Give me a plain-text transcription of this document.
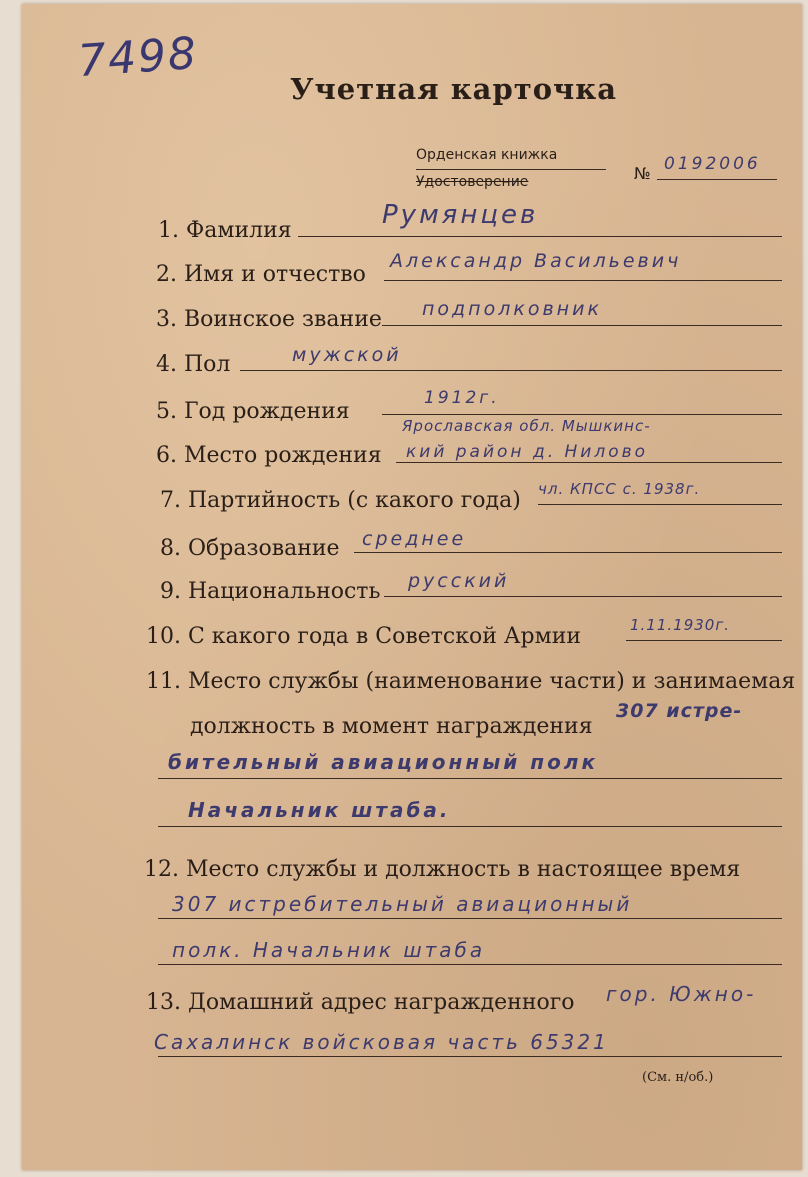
7498
Учетная карточка
Орденская книжка
Удостоверение	№ 0192006
1. Фамилия
Румянцев
2. Имя и отчество
Александр Васильевич
3. Воинское звание подполковник
4. Пол	мужской
5. Год рождения
1912г.
6. Место рождения
Ярославская обл. Мышкинс-
кий район д. Нилово
7. Партийность (с какого года) чл. КПСС с. 1938г.
8. Образование среднее
9. Национальность русский
10. С какого года в Советской Армии	1.11.1930г.
11. Место службы (наименование части) и занимаемая
должность в момент награждения
307 истре-
бительный авиационный полк
Начальник штаба.
12. Место службы и должность в настоящее время
307 истребительный авиационный
полк. Начальник штаба
13. Домашний адрес награжденного гор. Южно-
Сахалинск войсковая часть 65321
(См. н/об.)
